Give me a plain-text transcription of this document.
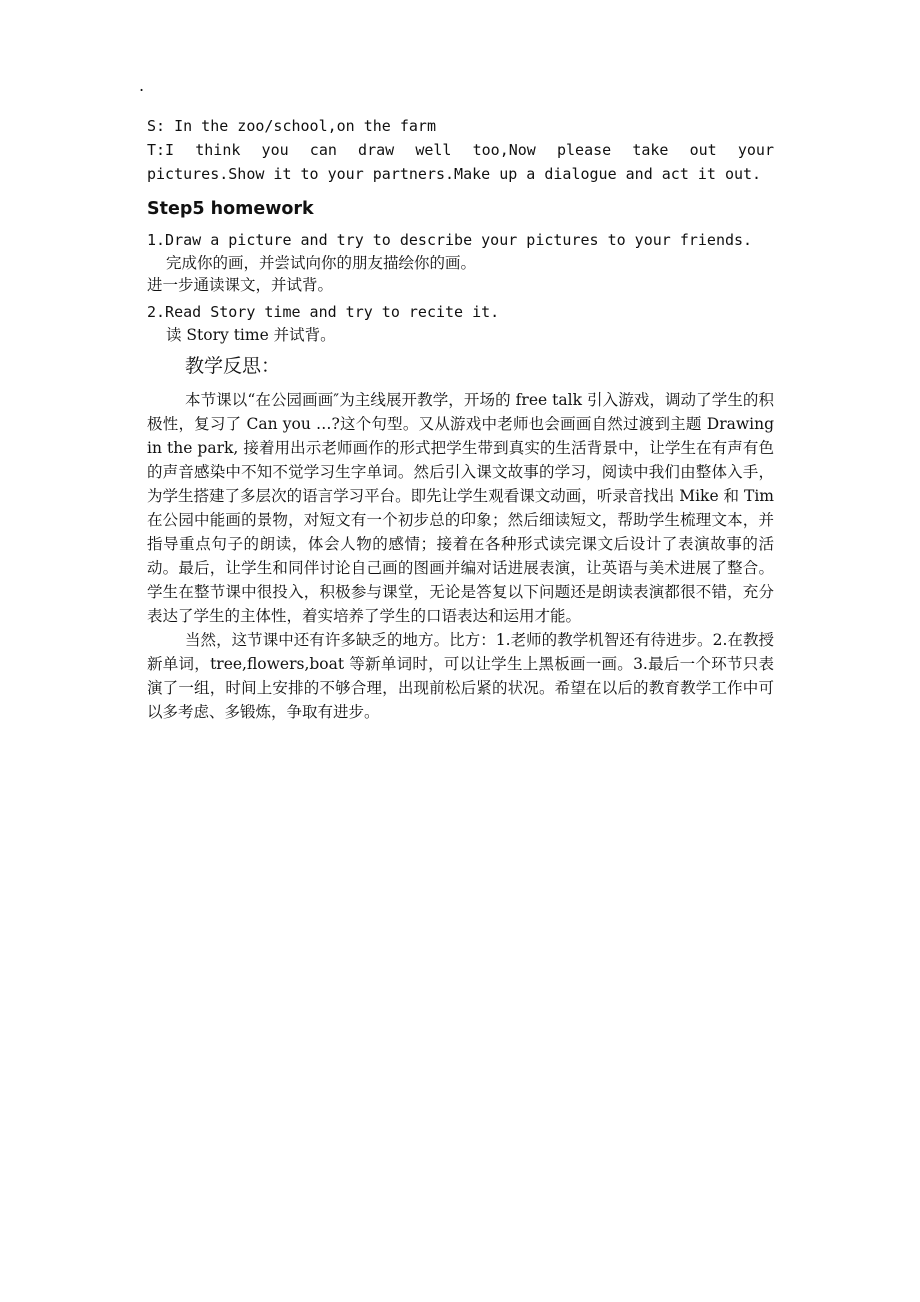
.
S: In the zoo/school,on the farm
T:I think you can draw well too,Now please take out your
pictures.Show it to your partners.Make up a dialogue and act it out.
Step5 homework
1.Draw a picture and try to describe your pictures to your friends.
完成你的画，并尝试向你的朋友描绘你的画。
进一步通读课文，并试背。
2.Read Story time and try to recite it.
读 Story time 并试背。
教学反思：

本节课以“在公园画画″为主线展开教学，开场的 free talk 引入游戏，调动了学生的积极性，复习了 Can you …?这个句型。又从游戏中老师也会画画自然过渡到主题 Drawing in the park, 接着用出示老师画作的形式把学生带到真实的生活背景中，让学生在有声有色的声音感染中不知不觉学习生字单词。然后引入课文故事的学习，阅读中我们由整体入手，为学生搭建了多层次的语言学习平台。即先让学生观看课文动画，听录音找出 Mike 和 Tim 在公园中能画的景物，对短文有一个初步总的印象；然后细读短文，帮助学生梳理文本，并指导重点句子的朗读，体会人物的感情；接着在各种形式读完课文后设计了表演故事的活动。最后，让学生和同伴讨论自己画的图画并编对话进展表演，让英语与美术进展了整合。学生在整节课中很投入，积极参与课堂，无论是答复以下问题还是朗读表演都很不错，充分表达了学生的主体性，着实培养了学生的口语表达和运用才能。

当然，这节课中还有许多缺乏的地方。比方：1.老师的教学机智还有待进步。2.在教授新单词，tree,flowers,boat 等新单词时，可以让学生上黑板画一画。3.最后一个环节只表演了一组，时间上安排的不够合理，出现前松后紧的状况。希望在以后的教育教学工作中可以多考虑、多锻炼，争取有进步。
